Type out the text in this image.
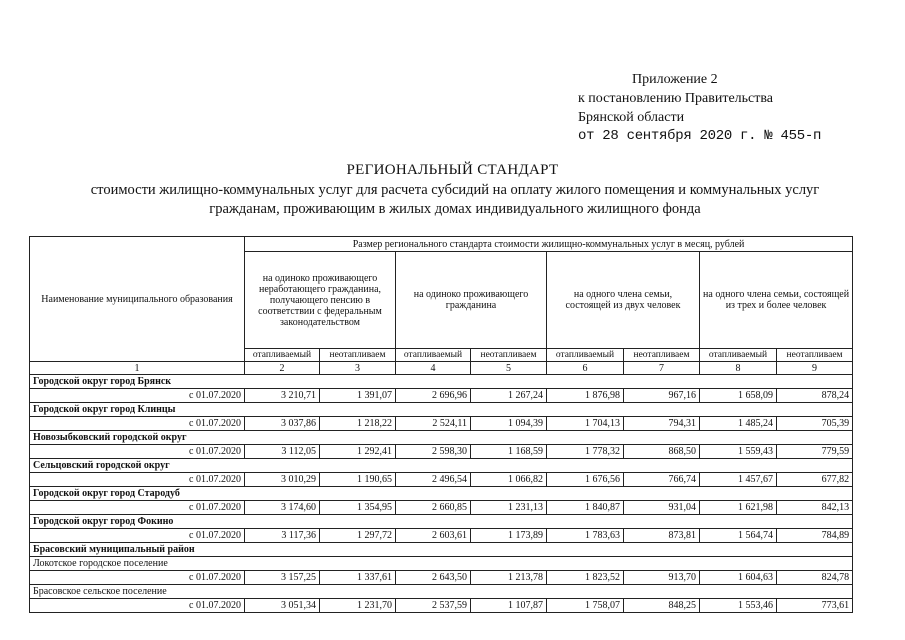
Приложение 2
к постановлению Правительства
Брянской области
от 28 сентября 2020 г. № 455-п
РЕГИОНАЛЬНЫЙ СТАНДАРТ
стоимости жилищно-коммунальных услуг для расчета субсидий на оплату жилого помещения и коммунальных услуг гражданам, проживающим в жилых домах индивидуального жилищного фонда
Наименование муниципального образования	Размер регионального стандарта стоимости жилищно-коммунальных услуг в месяц, рублей							
	на одиноко проживающего неработающего гражданина, получающего пенсию в соответствии с федеральным законодательством		на одиноко проживающего гражданина		на одного члена семьи, состоящей из двух человек		на одного члена семьи, состоящей из трех и более человек	
	отапливаемый	неотапливаем	отапливаемый	неотапливаем	отапливаемый	неотапливаем	отапливаемый	неотапливаем
1	2	3	4	5	6	7	8	9
Городской округ город Брянск								
с 01.07.2020	3 210,71	1 391,07	2 696,96	1 267,24	1 876,98	967,16	1 658,09	878,24
Городской округ город Клинцы								
с 01.07.2020	3 037,86	1 218,22	2 524,11	1 094,39	1 704,13	794,31	1 485,24	705,39
Новозыбковский городской округ								
с 01.07.2020	3 112,05	1 292,41	2 598,30	1 168,59	1 778,32	868,50	1 559,43	779,59
Сельцовский городской округ								
с 01.07.2020	3 010,29	1 190,65	2 496,54	1 066,82	1 676,56	766,74	1 457,67	677,82
Городской округ город Стародуб								
с 01.07.2020	3 174,60	1 354,95	2 660,85	1 231,13	1 840,87	931,04	1 621,98	842,13
Городской округ город Фокино								
с 01.07.2020	3 117,36	1 297,72	2 603,61	1 173,89	1 783,63	873,81	1 564,74	784,89
Брасовский муниципальный район								
Локотское городское поселение								
с 01.07.2020	3 157,25	1 337,61	2 643,50	1 213,78	1 823,52	913,70	1 604,63	824,78
Брасовское сельское поселение								
с 01.07.2020	3 051,34	1 231,70	2 537,59	1 107,87	1 758,07	848,25	1 553,46	773,61
